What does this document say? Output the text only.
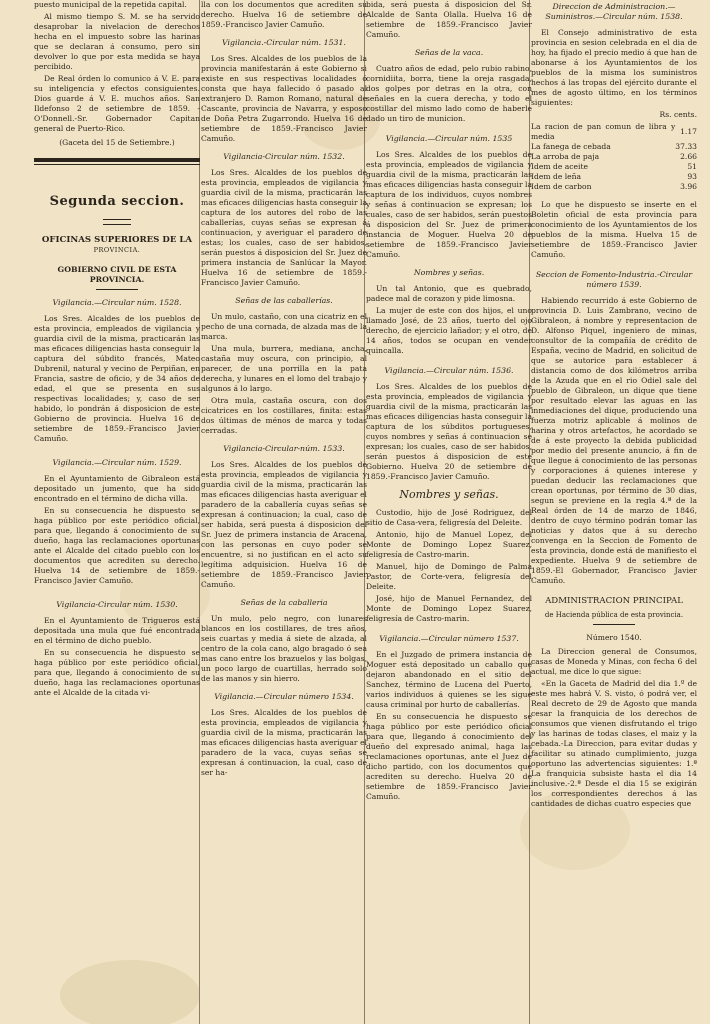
puesto municipal de la repetida capital.

Al mismo tiempo S. M. se ha servido desaprobar la nivelacion de derechos hecha en el impuesto sobre las harinas que se declaran á consumo, pero sin devolver lo que por esta medida se haya percibido.

De Real órden lo comunico á V. E. para su inteligencia y efectos consiguientes. Dios guarde á V. E. muchos años. San Ildefonso 2 de setiembre de 1859. -O'Donnell.-Sr. Gobernador Capitan general de Puerto-Rico.

(Gaceta del 15 de Setiembre.)

Segunda seccion.
OFICINAS SUPERIORES DE LA
PROVINCIA.
GOBIERNO CIVIL DE ESTA PROVINCIA.
Vigilancia.—Circular núm. 1528.

Los Sres. Alcaldes de los pueblos de esta provincia, empleados de vigilancia y guardia civil de la misma, practicarán las mas eficaces diligencias hasta conseguir la captura del súbdito francés, Mateo Dubrenil, natural y vecino de Perpiñan, en Francia, sastre de oficio, y de 34 años de edad, el que se presenta en sus respectivas localidades; y, caso de ser habido, lo pondrán á disposicion de este Gobierno de provincia. Huelva 16 de setiembre de 1859.-Francisco Javier Camuño.

Vigilancia.—Circular núm. 1529.

En el Ayuntamiento de Gibraleon está depositado un jumento, que ha sido encontrado en el término de dicha villa.

En su consecuencia he dispuesto se haga público por este periódico oficial, para que, llegando á conocimiento de su dueño, haga las reclamaciones oportunas ante el Alcalde del citado pueblo con los documentos que acrediten su derecho. Huelva 14 de setiembre de 1859.-Francisco Javier Camuño.

Vigilancia-Circular núm. 1530.

En el Ayuntamiento de Trigueros está depositada una mula que fué encontrada en el término de dicho pueblo.

En su consecuencia he dispuesto se haga público por este periódico oficial, para que, llegando á conocimiento de su dueño, haga las reclamaciones oportunas ante el Alcalde de la citada vi-

lla con los documentos que acrediten su derecho. Huelva 16 de setiembre de 1859.-Francisco Javier Camuño.

Vigilancia.-Circular núm. 1531.

Los Sres. Alcaldes de los pueblos de la provincia manifestarán á este Gobierno si existe en sus respectivas localidades ó consta que haya fallecido ó pasado al extranjero D. Ramon Romano, natural de Cascante, provincia de Navarra, y esposo de Doña Petra Zugarrondo. Huelva 16 de setiembre de 1859.-Francisco Javier Camuño.

Vigilancia-Circular núm. 1532.

Los Sres. Alcaldes de los pueblos de esta provincia, empleados de vigilancia y guardia civil de la misma, practicarán las mas eficaces diligencias hasta conseguir la captura de los autores del robo de las caballerías, cuyas señas se expresan á continuacion, y averiguar el paradero de estas; los cuales, caso de ser habidos, serán puestos á disposicion del Sr. Juez de primera instancia de Sanlúcar la Mayor. Huelva 16 de setiembre de 1859.-Francisco Javier Camuño.

Señas de las caballerías.

Un mulo, castaño, con una cicatriz en el pecho de una cornada, de alzada mas de la marca.

Una mula, burrera, mediana, ancha, castaña muy oscura, con principio, al parecer, de una porrilla en la pata derecha, y lunares en el lomo del trabajo y algunos á lo largo.

Otra mula, castaña oscura, con dos cicatrices en los costillares, finita: estas dos últimas de ménos de marca y todas cerradas.

Vigilancia-Circular-núm. 1533.

Los Sres. Alcaldes de los pueblos de esta provincia, empleados de vigilancia y guardia civil de la misma, practicarán las mas eficaces diligencias hasta averiguar el paradero de la caballería cuyas señas se expresan á continuacion; la cual, caso de ser habida, será puesta á disposicion del Sr. Juez de primera instancia de Aracena, con las personas en cuyo poder se encuentre, si no justifican en el acto su legítima adquisicion. Huelva 16 de setiembre de 1859.-Francisco Javier Camuño.

Señas de la caballeria

Un mulo, pelo negro, con lunares blancos en los costillares, de tres años, seis cuartas y media á siete de alzada, al centro de la cola cano, algo bragado ó sea mas cano entre los brazuelos y las bolgas, un poco largo de cuartillas, herrado solo de las manos y sin hierro.

Vigilancia.—Circular número 1534.

Los Sres. Alcaldes de los pueblos de esta provincia, empleados de vigilancia y guardia civil de la misma, practicarán las mas eficaces diligencias hasta averiguar el paradero de la vaca, cuyas señas se expresan á continuacion, la cual, caso de ser ha-

bida, será puesta á disposicion del Sr. Alcalde de Santa Olalla. Huelva 16 de setiembre de 1859.-Francisco Javier Camuño.

Señas de la vaca.

Cuatro años de edad, pelo rubio rabino, cornidiita, borra, tiene la oreja rasgada, dos golpes por detras en la otra, con señales en la cuera derecha, y todo el costillar del mismo lado como de haberle dado un tiro de municion.

Vigilancia.—Circular núm. 1535

Los Sres. Alcaldes de los pueblos de esta provincia, empleados de vigilancia y guardia civil de la misma, practicarán las mas eficaces diligencias hasta conseguir la captura de los individuos, cuyos nombres y señas á continuacion se expresan; los cuales, caso de ser habidos, serán puestos á disposicion del Sr. Juez de primera instancia de Moguer. Huelva 20 de setiembre de 1859.-Francisco Javier Camuño.

Nombres y señas.

Un tal Antonio, que es quebrado, padece mal de corazon y pide limosna.

La mujer de este con dos hijos, el uno llamado José, de 23 años, tuerto del ojo derecho, de ejercicio lañador; y el otro, de 14 años, todos se ocupan en vender quincalla.

Vigilancia.—Circular núm. 1536.

Los Sres. Alcaldes de los pueblos de esta provincia, empleados de vigilancia y guardia civil de la misma, practicarán las mas eficaces diligencias hasta conseguir la captura de los súbditos portugueses, cuyos nombres y señas á continuacion se expresan; los cuales, caso de ser habidos, serán puestos á disposicion de este Gobierno. Huelva 20 de setiembre de 1859.-Francisco Javier Camuño.

Nombres y señas.

Custodio, hijo de José Rodriguez, del sitio de Casa-vera, feligresía del Deleite.

Antonio, hijo de Manuel Lopez, del Monte de Domingo Lopez Suarez, feligresía de Castro-marin.

Manuel, hijo de Domingo de Palma Pastor, de Corte-vera, feligresía del Deleite.

José, hijo de Manuel Fernandez, del Monte de Domingo Lopez Suarez, feligresía de Castro-marin.

Vigilancia.—Circular número 1537.

En el Juzgado de primera instancia de Moguer está depositado un caballo que dejaron abandonado en el sitio del Sanchez, término de Lucena del Puerto, varios individuos á quienes se les sigue causa criminal por hurto de caballerías.

En su consecuencia he dispuesto se haga público por este periódico oficial para que, llegando á conocimiento del dueño del expresado animal, haga las reclamaciones oportunas, ante el Juez de dicho partido, con los documentos que acrediten su derecho. Huelva 20 de setiembre de 1859.-Francisco Javier Camuño.

Direccion de Administracion.—Suministros.—Circular núm. 1538.

El Consejo administrativo de esta provincia en sesion celebrada en el dia de hoy, ha fijado el precio medio á que han de abonarse á los Ayuntamientos de los pueblos de la misma los suministros hechos á las tropas del ejército durante el mes de agosto último, en los términos siguientes:

Rs. cents.
La racion de pan comun de libra y media	1.17
La fanega de cebada	37.33
La arroba de paja	2.66
Idem de aceite	51
Idem de leña	93
Idem de carbon	3.96

Lo que he dispuesto se inserte en el Boletin oficial de esta provincia para conocimiento de los Ayuntamientos de los pueblos de la misma. Huelva 15 de setiembre de 1859.-Francisco Javier Camuño.

Seccion de Fomento-Industria.-Circular número 1539.

Habiendo recurrido á este Gobierno de provincia D. Luis Zambrano, vecino de Gibraleon, á nombre y representacion de D. Alfonso Piquel, ingeniero de minas, consultor de la compañía de crédito de España, vecino de Madrid, en solicitud de que se autorice para establecer á distancia como de dos kilómetros arriba de la Azuda que en el rio Odiel sale del pueblo de Gibraleon, un dique que tiene por resultado elevar las aguas en las inmediaciones del dique, produciendo una fuerza motriz aplicable á molinos de harina y otros artefactos, he acordado se de á este proyecto la debida publicidad por medio del presente anuncio, á fin de que llegue á conocimiento de las personas y corporaciones á quienes interese y puedan deducir las reclamaciones que crean oportunas, por término de 30 dias, segun se previene en la regla 4.ª de la Real órden de 14 de marzo de 1846, dentro de cuyo término podrán tomar las noticias y datos que á su derecho convenga en la Seccion de Fomento de esta provincia, donde está de manifiesto el expediente. Huelva 9 de setiembre de 1859.-El Gobernador, Francisco Javier Camuño.

ADMINISTRACION PRINCIPAL
de Hacienda pública de esta provincia.
Número 1540.

La Direccion general de Consumos, casas de Moneda y Minas, con fecha 6 del actual, me dice lo que sigue:

«En la Gaceta de Madrid del dia 1.º de este mes habrá V. S. visto, ó podrá ver, el Real decreto de 29 de Agosto que manda cesar la franquicia de los derechos de consumos que vienen disfrutando el trigo y las harinas de todas clases, el maiz y la cebada.-La Direccion, para evitar dudas y facilitar su atinado cumplimiento, juzga oportuno las advertencias siguientes: 1.ª La franquicia subsiste hasta el dia 14 inclusive.-2.ª Desde el dia 15 se exigirán los correspondientes derechos á las cantidades de dichas cuatro especies que
